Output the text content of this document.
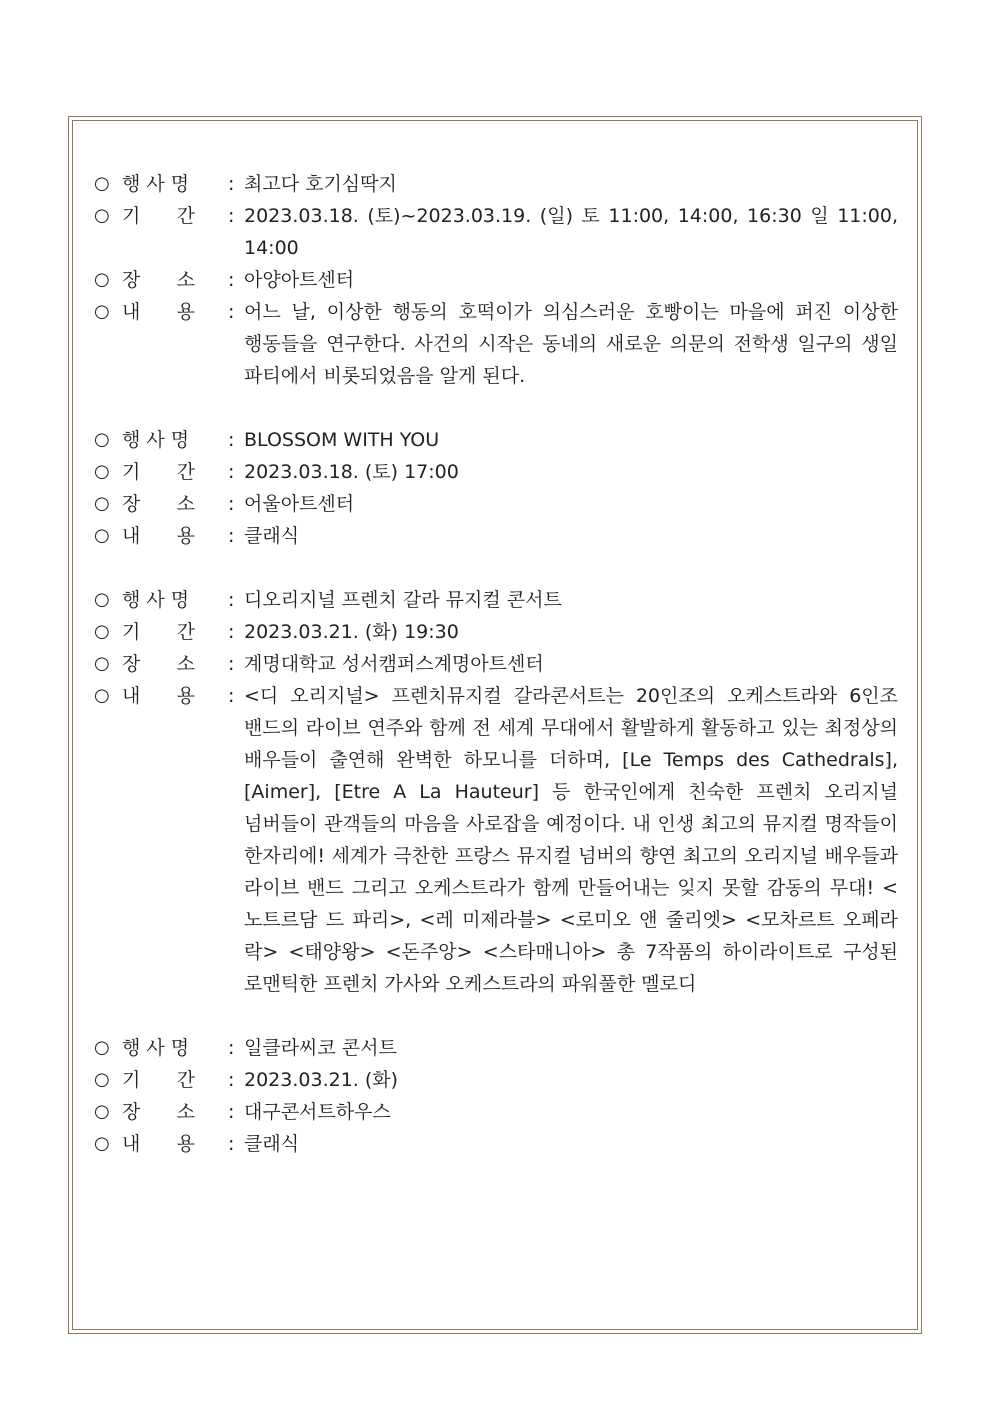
○ 행 사 명	: 최고다 호기심딱지
○ 기      간	: 2023.03.18. (토)~2023.03.19. (일) 토 11:00, 14:00, 16:30 일 11:00, 14:00
○ 장      소	: 아양아트센터
○ 내      용	: 어느 날, 이상한 행동의 호떡이가 의심스러운 호빵이는 마을에 퍼진 이상한 행동들을 연구한다. 사건의 시작은 동네의 새로운 의문의 전학생 일구의 생일 파티에서 비롯되었음을 알게 된다.
○ 행 사 명	: BLOSSOM WITH YOU
○ 기      간	: 2023.03.18. (토) 17:00
○ 장      소	: 어울아트센터
○ 내      용	: 클래식
○ 행 사 명	: 디오리지널 프렌치 갈라 뮤지컬 콘서트
○ 기      간	: 2023.03.21. (화) 19:30
○ 장      소	: 계명대학교 성서캠퍼스계명아트센터
○ 내      용	: <디 오리지널> 프렌치뮤지컬 갈라콘서트는 20인조의 오케스트라와 6인조 밴드의 라이브 연주와 함께 전 세계 무대에서 활발하게 활동하고 있는 최정상의 배우들이 출연해 완벽한 하모니를 더하며, [Le Temps des Cathedrals], [Aimer], [Etre A La Hauteur] 등 한국인에게 친숙한 프렌치 오리지널 넘버들이 관객들의 마음을 사로잡을 예정이다. 내 인생 최고의 뮤지컬 명작들이 한자리에! 세계가 극찬한 프랑스 뮤지컬 넘버의 향연 최고의 오리지널 배우들과 라이브 밴드 그리고 오케스트라가 함께 만들어내는 잊지 못할 감동의 무대! <노트르담 드 파리>, <레 미제라블> <로미오 앤 줄리엣> <모차르트 오페라 락> <태양왕> <돈주앙> <스타매니아> 총 7작품의 하이라이트로 구성된 로맨틱한 프렌치 가사와 오케스트라의 파워풀한 멜로디
○ 행 사 명	: 일클라씨코 콘서트
○ 기      간	: 2023.03.21. (화)
○ 장      소	: 대구콘서트하우스
○ 내      용	: 클래식
